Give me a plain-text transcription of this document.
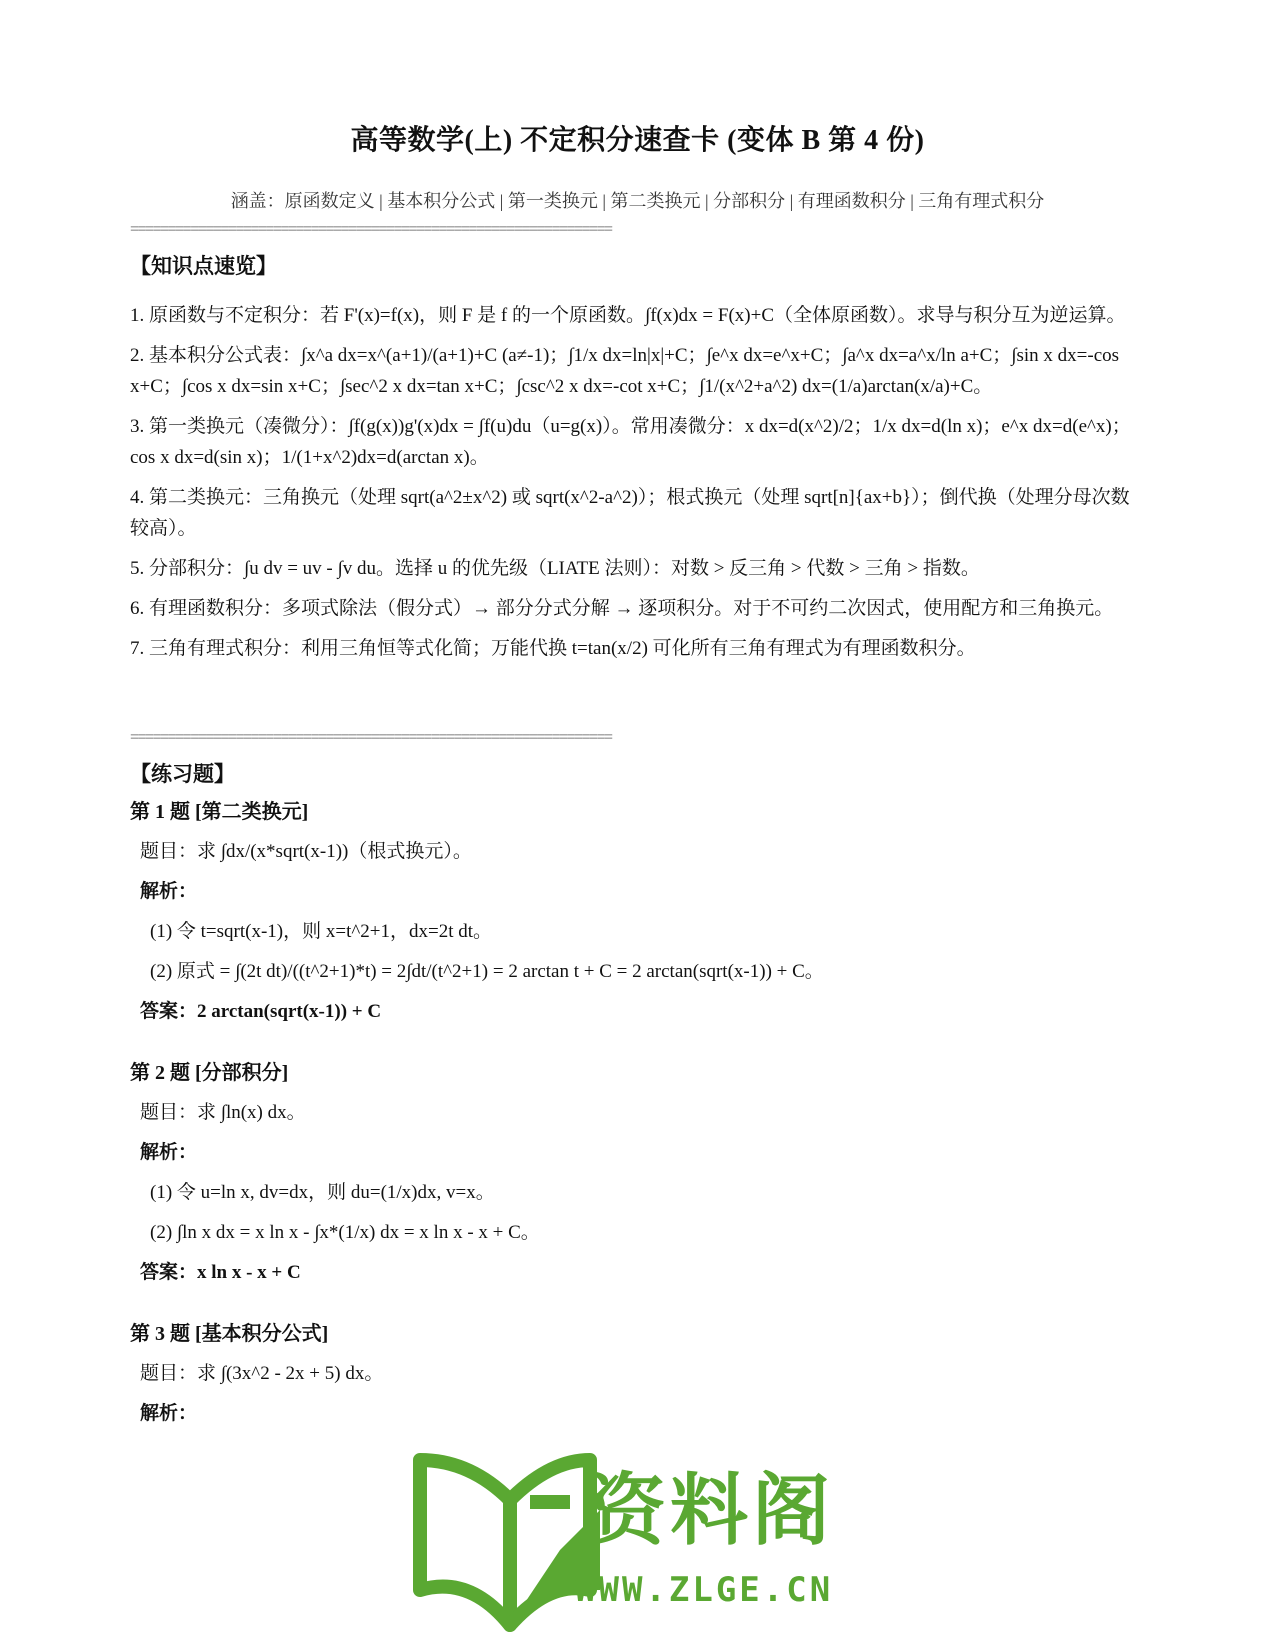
高等数学(上) 不定积分速查卡 (变体 B 第 4 份)
涵盖：原函数定义 | 基本积分公式 | 第一类换元 | 第二类换元 | 分部积分 | 有理函数积分 | 三角有理式积分
================================================================
【知识点速览】

1. 原函数与不定积分：若 F'(x)=f(x)，则 F 是 f 的一个原函数。∫f(x)dx = F(x)+C（全体原函数）。求导与积分互为逆运算。

2. 基本积分公式表：∫x^a dx=x^(a+1)/(a+1)+C (a≠-1)；∫1/x dx=ln|x|+C；∫e^x dx=e^x+C；∫a^x dx=a^x/ln a+C；∫sin x dx=-cos x+C；∫cos x dx=sin x+C；∫sec^2 x dx=tan x+C；∫csc^2 x dx=-cot x+C；∫1/(x^2+a^2) dx=(1/a)arctan(x/a)+C。

3. 第一类换元（凑微分）：∫f(g(x))g'(x)dx = ∫f(u)du（u=g(x)）。常用凑微分：x dx=d(x^2)/2；1/x dx=d(ln x)；e^x dx=d(e^x)；cos x dx=d(sin x)；1/(1+x^2)dx=d(arctan x)。

4. 第二类换元：三角换元（处理 sqrt(a^2±x^2) 或 sqrt(x^2-a^2)）；根式换元（处理 sqrt[n]{ax+b}）；倒代换（处理分母次数较高）。

5. 分部积分：∫u dv = uv - ∫v du。选择 u 的优先级（LIATE 法则）：对数 > 反三角 > 代数 > 三角 > 指数。

6. 有理函数积分：多项式除法（假分式）→ 部分分式分解 → 逐项积分。对于不可约二次因式，使用配方和三角换元。

7. 三角有理式积分：利用三角恒等式化简；万能代换 t=tan(x/2) 可化所有三角有理式为有理函数积分。

================================================================
【练习题】
第 1 题 [第二类换元]
题目：求 ∫dx/(x*sqrt(x-1))（根式换元）。
解析：
(1) 令 t=sqrt(x-1)，则 x=t^2+1，dx=2t dt。
(2) 原式 = ∫(2t dt)/((t^2+1)*t) = 2∫dt/(t^2+1) = 2 arctan t + C = 2 arctan(sqrt(x-1)) + C。
答案：2 arctan(sqrt(x-1)) + C
第 2 题 [分部积分]
题目：求 ∫ln(x) dx。
解析：
(1) 令 u=ln x, dv=dx，则 du=(1/x)dx, v=x。
(2) ∫ln x dx = x ln x - ∫x*(1/x) dx = x ln x - x + C。
答案：x ln x - x + C
第 3 题 [基本积分公式]
题目：求 ∫(3x^2 - 2x + 5) dx。
解析：
资料阁
WWW.ZLGE.CN
